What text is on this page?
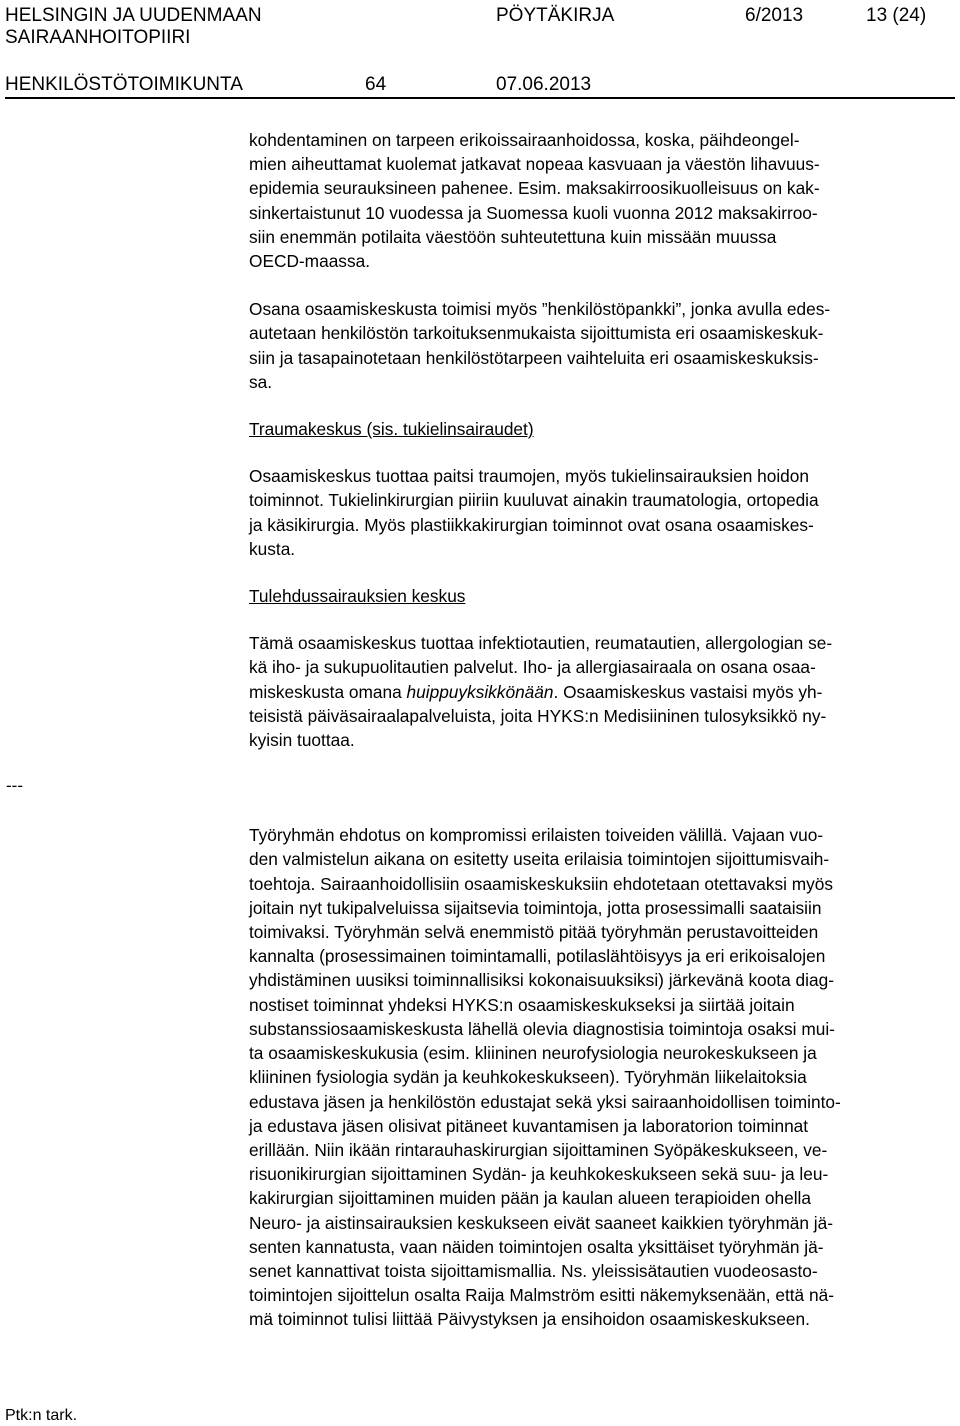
HELSINGIN JA UUDENMAAN
SAIRAANHOITOPIIRI
PÖYTÄKIRJA	6/2013	13 (24)
HENKILÖSTÖTOIMIKUNTA	64	07.06.2013

kohdentaminen on tarpeen erikoissairaanhoidossa, koska, päihdeongel-
mien aiheuttamat kuolemat jatkavat nopeaa kasvuaan ja väestön lihavuus-
epidemia seurauksineen pahenee. Esim. maksakirroosikuolleisuus on kak-
sinkertaistunut 10 vuodessa ja Suomessa kuoli vuonna 2012 maksakirroo-
siin enemmän potilaita väestöön suhteutettuna kuin missään muussa
OECD-maassa.

Osana osaamiskeskusta toimisi myös ”henkilöstöpankki”, jonka avulla edes-
autetaan henkilöstön tarkoituksenmukaista sijoittumista eri osaamiskeskuk-
siin ja tasapainotetaan henkilöstötarpeen vaihteluita eri osaamiskeskuksis-
sa.

Traumakeskus (sis. tukielinsairaudet)

Osaamiskeskus tuottaa paitsi traumojen, myös tukielinsairauksien hoidon
toiminnot. Tukielinkirurgian piiriin kuuluvat ainakin traumatologia, ortopedia
ja käsikirurgia. Myös plastiikkakirurgian toiminnot ovat osana osaamiskes-
kusta.

Tulehdussairauksien keskus

Tämä osaamiskeskus tuottaa infektiotautien, reumatautien, allergologian se-
kä iho- ja sukupuolitautien palvelut. Iho- ja allergiasairaala on osana osaa-
miskeskusta omana huippuyksikkönään. Osaamiskeskus vastaisi myös yh-
teisistä päiväsairaalapalveluista, joita HYKS:n Medisiininen tulosyksikkö ny-
kyisin tuottaa.

Työryhmän ehdotus on kompromissi erilaisten toiveiden välillä. Vajaan vuo-
den valmistelun aikana on esitetty useita erilaisia toimintojen sijoittumisvaih-
toehtoja. Sairaanhoidollisiin osaamiskeskuksiin ehdotetaan otettavaksi myös
joitain nyt tukipalveluissa sijaitsevia toimintoja, jotta prosessimalli saataisiin
toimivaksi. Työryhmän selvä enemmistö pitää työryhmän perustavoitteiden
kannalta (prosessimainen toimintamalli, potilaslähtöisyys ja eri erikoisalojen
yhdistäminen uusiksi toiminnallisiksi kokonaisuuksiksi) järkevänä koota diag-
nostiset toiminnat yhdeksi HYKS:n osaamiskeskukseksi ja siirtää joitain
substanssiosaamiskeskusta lähellä olevia diagnostisia toimintoja osaksi mui-
ta osaamiskeskukusia (esim. kliininen neurofysiologia neurokeskukseen ja
kliininen fysiologia sydän ja keuhkokeskukseen). Työryhmän liikelaitoksia
edustava jäsen ja henkilöstön edustajat sekä yksi sairaanhoidollisen toiminto-
ja edustava jäsen olisivat pitäneet kuvantamisen ja laboratorion toiminnat
erillään. Niin ikään rintarauhaskirurgian sijoittaminen Syöpäkeskukseen, ve-
risuonikirurgian sijoittaminen Sydän- ja keuhkokeskukseen sekä suu- ja leu-
kakirurgian sijoittaminen muiden pään ja kaulan alueen terapioiden ohella
Neuro- ja aistinsairauksien keskukseen eivät saaneet kaikkien työryhmän jä-
senten kannatusta, vaan näiden toimintojen osalta yksittäiset työryhmän jä-
senet kannattivat toista sijoittamismallia. Ns. yleissisätautien vuodeosasto-
toimintojen sijoittelun osalta Raija Malmström esitti näkemyksenään, että nä-
mä toiminnot tulisi liittää Päivystyksen ja ensihoidon osaamiskeskukseen.

---
Ptk:n tark.
